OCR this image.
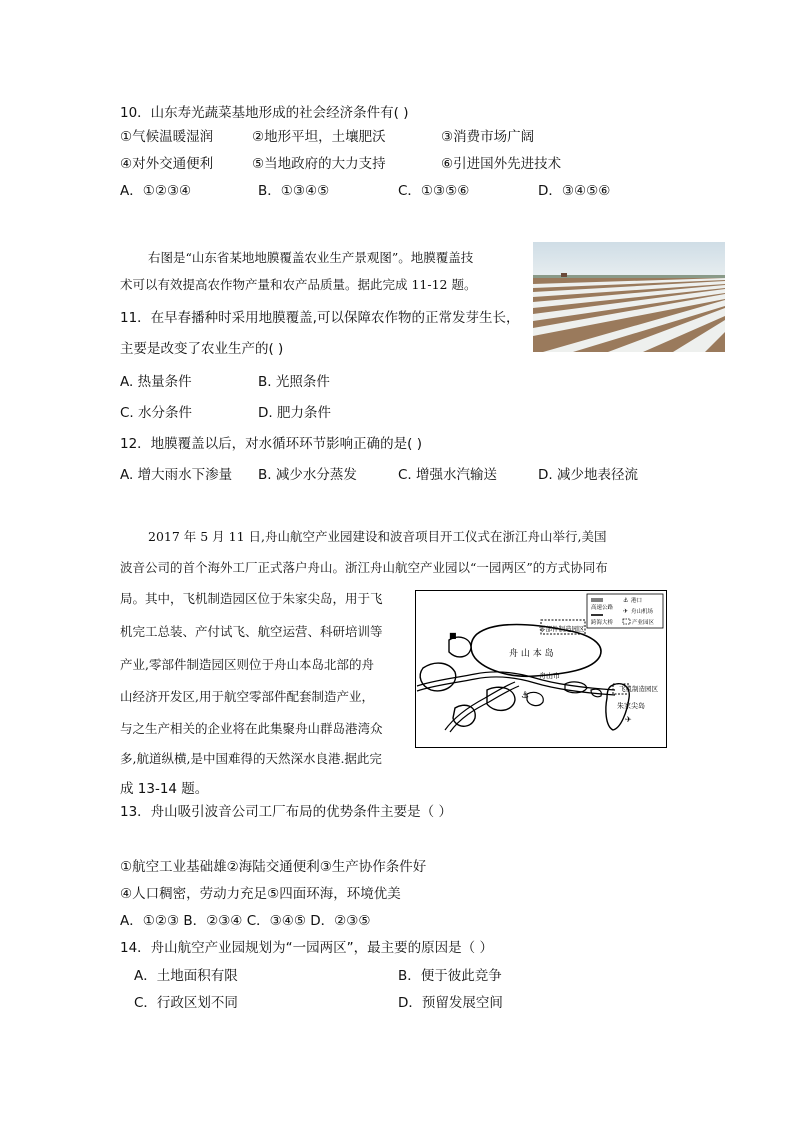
10．山东寿光蔬菜基地形成的社会经济条件有( )
①气候温暖湿润	②地形平坦，土壤肥沃	③消费市场广阔
④对外交通便利	⑤当地政府的大力支持	⑥引进国外先进技术
A．①②③④	B．①③④⑤	C．①③⑤⑥	D．③④⑤⑥
右图是“山东省某地地膜覆盖农业生产景观图”。地膜覆盖技
术可以有效提高农作物产量和农产品质量。据此完成 11-12 题。
11．在早春播种时采用地膜覆盖,可以保障农作物的正常发芽生长，
主要是改变了农业生产的( )
A. 热量条件	B. 光照条件
C. 水分条件	D. 肥力条件
12．地膜覆盖以后，对水循环环节影响正确的是( )
A. 增大雨水下渗量 B. 减少水分蒸发	C. 增强水汽输送	D. 减少地表径流
2017 年 5 月 11 日,舟山航空产业园建设和波音项目开工仪式在浙江舟山举行,美国
波音公司的首个海外工厂正式落户舟山。浙江舟山航空产业园以“一园两区”的方式协同布
局。其中，飞机制造园区位于朱家尖岛，用于飞
机完工总装、产付试飞、航空运营、科研培训等
产业,零部件制造园区则位于舟山本岛北部的舟
山经济开发区,用于航空零部件配套制造产业，
与之生产相关的企业将在此集聚舟山群岛港湾众
多,航道纵横,是中国难得的天然深水良港.据此完
成 13-14 题。
零部件制造园区
飞机制造园区
舟 山 本 岛
舟山市
朱家尖岛
⚓
✈
■
高速公路
跨海大桥
⚓ 港口
✈ 舟山机场
产业园区
13．舟山吸引波音公司工厂布局的优势条件主要是（ ）
①航空工业基础雄②海陆交通便利③生产协作条件好
④人口稠密，劳动力充足⑤四面环海，环境优美
A．①②③ B．②③④ C．③④⑤ D．②③⑤
14．舟山航空产业园规划为“一园两区”，最主要的原因是（ ）
A．土地面积有限	B．便于彼此竞争
C．行政区划不同	D．预留发展空间
